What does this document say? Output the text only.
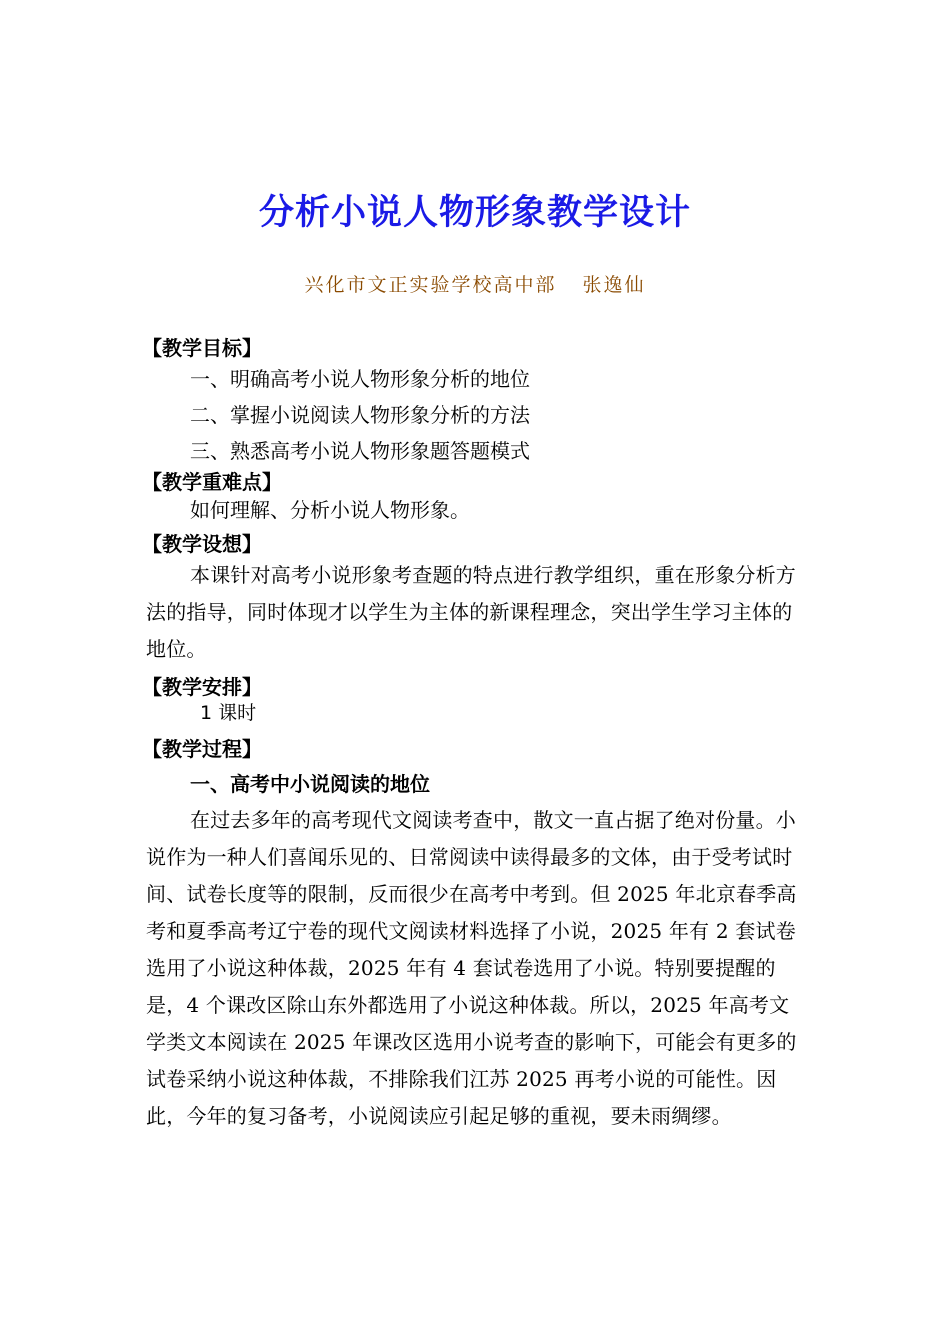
分析小说人物形象教学设计
兴化市文正实验学校高中部 张逸仙
【教学目标】
一、明确高考小说人物形象分析的地位
二、掌握小说阅读人物形象分析的方法
三、熟悉高考小说人物形象题答题模式
【教学重难点】
如何理解、分析小说人物形象。
【教学设想】

本课针对高考小说形象考查题的特点进行教学组织，重在形象分析方法的指导，同时体现才以学生为主体的新课程理念，突出学生学习主体的地位。

【教学安排】
1 课时
【教学过程】
一、高考中小说阅读的地位

在过去多年的高考现代文阅读考查中，散文一直占据了绝对份量。小说作为一种人们喜闻乐见的、日常阅读中读得最多的文体，由于受考试时间、试卷长度等的限制，反而很少在高考中考到。但 2025 年北京春季高考和夏季高考辽宁卷的现代文阅读材料选择了小说，2025 年有 2 套试卷选用了小说这种体裁，2025 年有 4 套试卷选用了小说。特别要提醒的是，4 个课改区除山东外都选用了小说这种体裁。所以，2025 年高考文学类文本阅读在 2025 年课改区选用小说考查的影响下，可能会有更多的试卷采纳小说这种体裁，不排除我们江苏 2025 再考小说的可能性。因此，今年的复习备考，小说阅读应引起足够的重视，要未雨绸缪。
